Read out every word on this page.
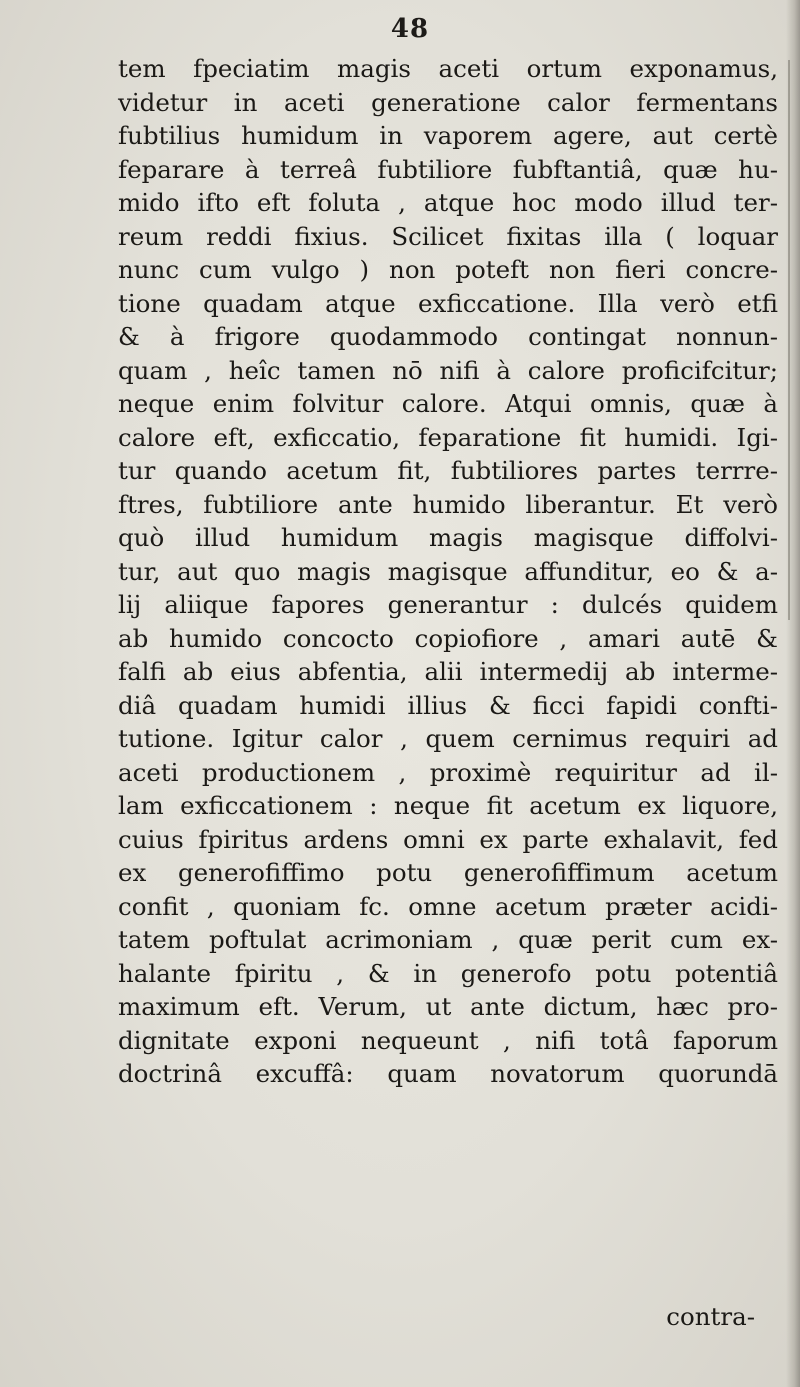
48
tem fpeciatim magis aceti ortum exponamus,
videtur in aceti generatione calor fermentans
fubtilius humidum in vaporem agere, aut certè
feparare à terreâ fubtiliore fubftantiâ, quæ hu-
mido ifto eft foluta , atque hoc modo illud ter-
reum reddi fixius. Scilicet fixitas illa ( loquar
nunc cum vulgo ) non poteft non fieri concre-
tione quadam atque exficcatione. Illa verò etfi
& à frigore quodammodo contingat nonnun-
quam , heîc tamen nō nifi à calore proficifcitur;
neque enim folvitur calore. Atqui omnis, quæ à
calore eft, exficcatio, feparatione fit humidi. Igi-
tur quando acetum fit, fubtiliores partes terrre-
ftres, fubtiliore ante humido liberantur. Et verò
quò illud humidum magis magisque diffolvi-
tur, aut quo magis magisque affunditur, eo & a-
lij aliique fapores generantur : dulcés quidem
ab humido concocto copiofiore , amari autē &
falfi ab eius abfentia, alii intermedij ab interme-
diâ quadam humidi illius & ficci fapidi confti-
tutione. Igitur calor , quem cernimus requiri ad
aceti productionem , proximè requiritur ad il-
lam exficcationem : neque fit acetum ex liquore,
cuius fpiritus ardens omni ex parte exhalavit, fed
ex generofiffimo potu generofiffimum acetum
confit , quoniam fc. omne acetum præter acidi-
tatem poftulat acrimoniam , quæ perit cum ex-
halante fpiritu , & in generofo potu potentiâ
maximum eft. Verum, ut ante dictum, hæc pro-
dignitate exponi nequeunt , nifi totâ faporum
doctrinâ excuffâ: quam novatorum quorundā
contra-
